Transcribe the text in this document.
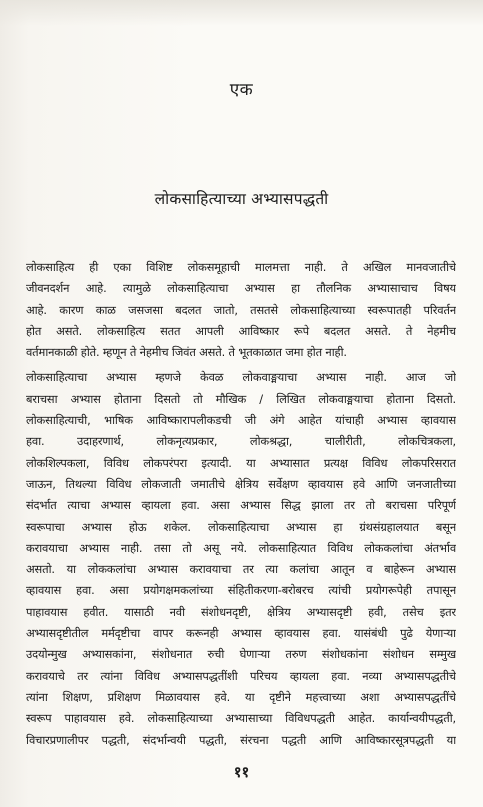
एक
लोकसाहित्याच्या अभ्यासपद्धती
लोकसाहित्य ही एका विशिष्ट लोकसमूहाची मालमत्ता नाही. ते अखिल मानवजातीचे
जीवनदर्शन आहे. त्यामुळे लोकसाहित्याचा अभ्यास हा तौलनिक अभ्यासाचाच विषय
आहे. कारण काळ जसजसा बदलत जातो, तसतसे लोकसाहित्याच्या स्वरूपातही परिवर्तन
होत असते. लोकसाहित्य सतत आपली आविष्कार रूपे बदलत असते. ते नेहमीच
वर्तमानकाळी होते. म्हणून ते नेहमीच जिवंत असते. ते भूतकाळात जमा होत नाही.
लोकसाहित्याचा अभ्यास म्हणजे केवळ लोकवाङ्मयाचा अभ्यास नाही. आज जो
बराचसा अभ्यास होताना दिसतो तो मौखिक / लिखित लोकवाङ्मयाचा होताना दिसतो.
लोकसाहित्याची, भाषिक आविष्कारापलीकडची जी अंगे आहेत यांचाही अभ्यास व्हावयास
हवा. उदाहरणार्थ, लोकनृत्यप्रकार, लोकश्रद्धा, चालीरीती, लोकचित्रकला,
लोकशिल्पकला, विविध लोकपरंपरा इत्यादी. या अभ्यासात प्रत्यक्ष विविध लोकपरिसरात
जाऊन, तिथल्या विविध लोकजाती जमातीचे क्षेत्रिय सर्वेक्षण व्हावयास हवे आणि जनजातीच्या
संदर्भात त्याचा अभ्यास व्हायला हवा. असा अभ्यास सिद्ध झाला तर तो बराचसा परिपूर्ण
स्वरूपाचा अभ्यास होऊ शकेल. लोकसाहित्याचा अभ्यास हा ग्रंथसंग्रहालयात बसून
करावयाचा अभ्यास नाही. तसा तो असू नये. लोकसाहित्यात विविध लोककलांचा अंतर्भाव
असतो. या लोककलांचा अभ्यास करावयाचा तर त्या कलांचा आतून व बाहेरून अभ्यास
व्हावयास हवा. असा प्रयोगक्षमकलांच्या संहितीकरणा-बरोबरच त्यांची प्रयोगरूपेही तपासून
पाहावयास हवीत. यासाठी नवी संशोधनदृष्टी, क्षेत्रिय अभ्यासदृष्टी हवी, तसेच इतर
अभ्यासदृष्टीतील मर्मदृष्टीचा वापर करूनही अभ्यास व्हावयास हवा. यासंबंधी पुढे येणाऱ्या
उदयोन्मुख अभ्यासकांना, संशोधनात रुची घेणाऱ्या तरुण संशोधकांना संशोधन सम्मुख
करावयाचे तर त्यांना विविध अभ्यासपद्धतींशी परिचय व्हायला हवा. नव्या अभ्यासपद्धतीचे
त्यांना शिक्षण, प्रशिक्षण मिळावयास हवे. या दृष्टीने महत्त्वाच्या अशा अभ्यासपद्धतींचे
स्वरूप पाहावयास हवे. लोकसाहित्याच्या अभ्यासाच्या विविधपद्धती आहेत. कार्यान्वयीपद्धती,
विचारप्रणालीपर पद्धती, संदर्भान्वयी पद्धती, संरचना पद्धती आणि आविष्कारसूत्रपद्धती या
११
